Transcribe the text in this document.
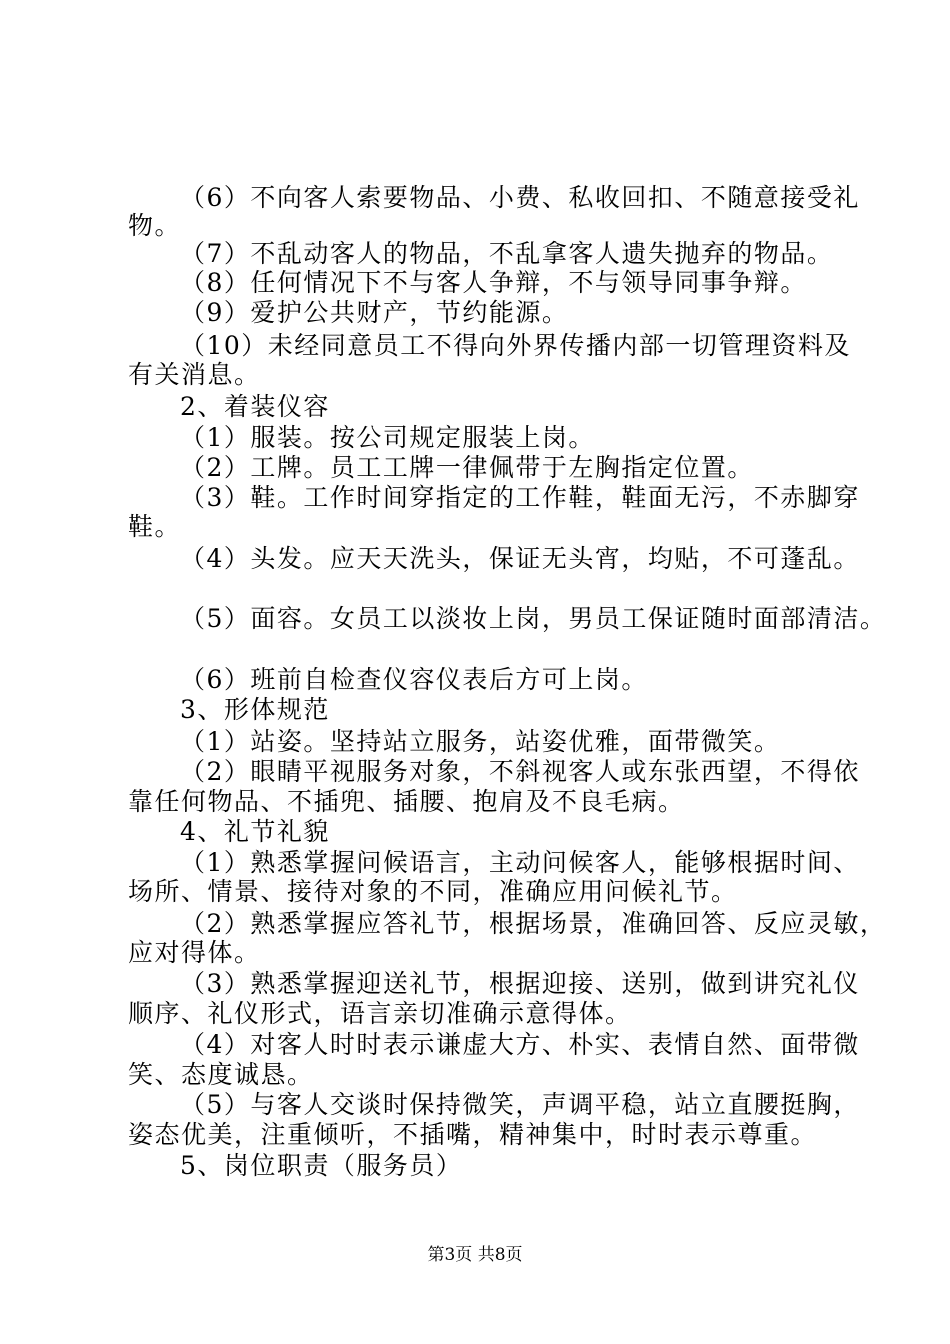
（6）不向客人索要物品、小费、私收回扣、不随意接受礼
物。
（7）不乱动客人的物品，不乱拿客人遗失抛弃的物品。
（8）任何情况下不与客人争辩，不与领导同事争辩。
（9）爱护公共财产，节约能源。
（10）未经同意员工不得向外界传播内部一切管理资料及
有关消息。
2、着装仪容
（1）服装。按公司规定服装上岗。
（2）工牌。员工工牌一律佩带于左胸指定位置。
（3）鞋。工作时间穿指定的工作鞋，鞋面无污，不赤脚穿
鞋。
（4）头发。应天天洗头，保证无头宵，均贴，不可蓬乱。
（5）面容。女员工以淡妆上岗，男员工保证随时面部清洁。
（6）班前自检查仪容仪表后方可上岗。
3、形体规范
（1）站姿。坚持站立服务，站姿优雅，面带微笑。
（2）眼睛平视服务对象，不斜视客人或东张西望，不得依
靠任何物品、不插兜、插腰、抱肩及不良毛病。
4、礼节礼貌
（1）熟悉掌握问候语言，主动问候客人，能够根据时间、
场所、情景、接待对象的不同，准确应用问候礼节。
（2）熟悉掌握应答礼节，根据场景，准确回答、反应灵敏，
应对得体。
（3）熟悉掌握迎送礼节，根据迎接、送别，做到讲究礼仪
顺序、礼仪形式，语言亲切准确示意得体。
（4）对客人时时表示谦虚大方、朴实、表情自然、面带微
笑、态度诚恳。
（5）与客人交谈时保持微笑，声调平稳，站立直腰挺胸，
姿态优美，注重倾听，不插嘴，精神集中，时时表示尊重。
5、岗位职责（服务员）
第3页 共8页
